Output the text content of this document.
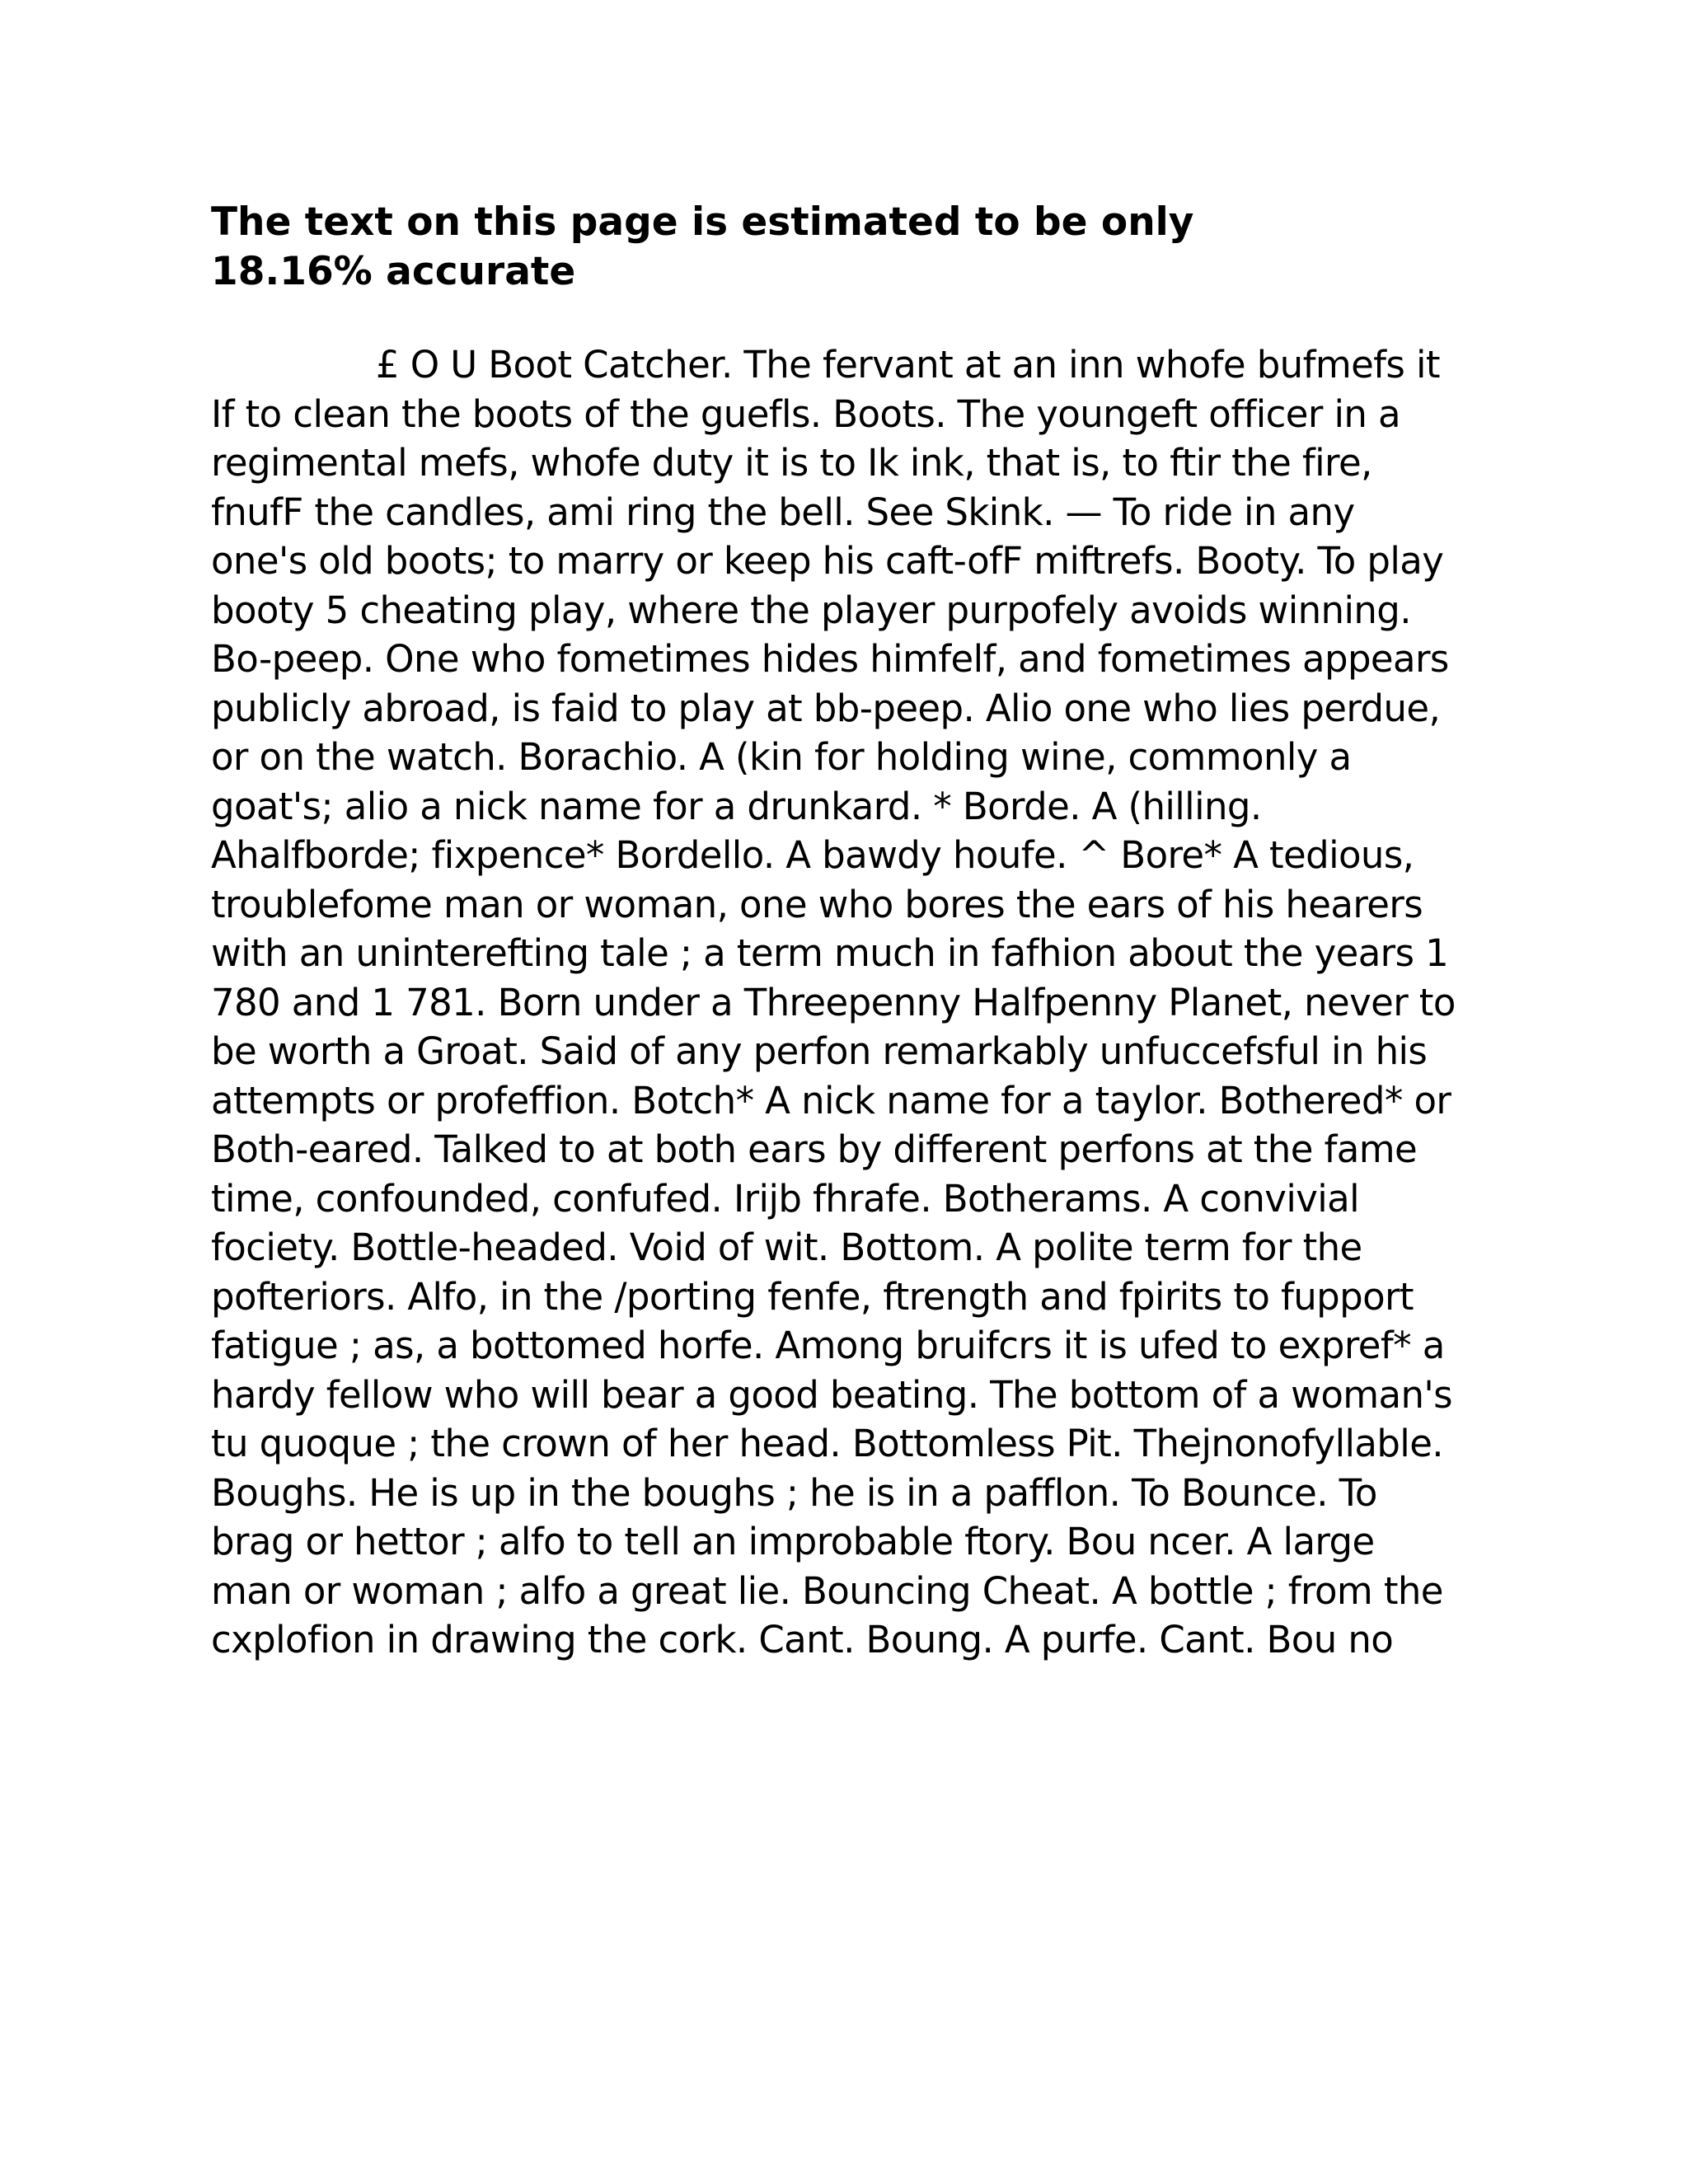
The text on this page is estimated to be only 18.16% accurate
£ O U Boot Catcher. The fervant at an inn whofe bufmefs it
If to clean the boots of the guefls. Boots. The youngeft officer in a
regimental mefs, whofe duty it is to Ik ink, that is, to ftir the fire,
fnufF the candles, ami ring the bell. See Skink. — To ride in any
one's old boots; to marry or keep his caft-ofF miftrefs. Booty. To play
booty 5 cheating play, where the player purpofely avoids winning.
Bo-peep. One who fometimes hides himfelf, and fometimes appears
publicly abroad, is faid to play at bb-peep. Alio one who lies perdue,
or on the watch. Borachio. A (kin for holding wine, commonly a
goat's; alio a nick name for a drunkard. * Borde. A (hilling.
Ahalfborde; fixpence* Bordello. A bawdy houfe. ^ Bore* A tedious,
troublefome man or woman, one who bores the ears of his hearers
with an uninterefting tale ; a term much in fafhion about the years 1
780 and 1 781. Born under a Threepenny Halfpenny Planet, never to
be worth a Groat. Said of any perfon remarkably unfuccefsful in his
attempts or profeffion. Botch* A nick name for a taylor. Bothered* or
Both-eared. Talked to at both ears by different perfons at the fame
time, confounded, confufed. Irijb fhrafe. Botherams. A convivial
fociety. Bottle-headed. Void of wit. Bottom. A polite term for the
pofteriors. Alfo, in the /porting fenfe, ftrength and fpirits to fupport
fatigue ; as, a bottomed horfe. Among bruifcrs it is ufed to expref* a
hardy fellow who will bear a good beating. The bottom of a woman's
tu quoque ; the crown of her head. Bottomless Pit. Thejnonofyllable.
Boughs. He is up in the boughs ; he is in a pafflon. To Bounce. To
brag or hettor ; alfo to tell an improbable ftory. Bou ncer. A large
man or woman ; alfo a great lie. Bouncing Cheat. A bottle ; from the
cxplofion in drawing the cork. Cant. Boung. A purfe. Cant. Bou no
